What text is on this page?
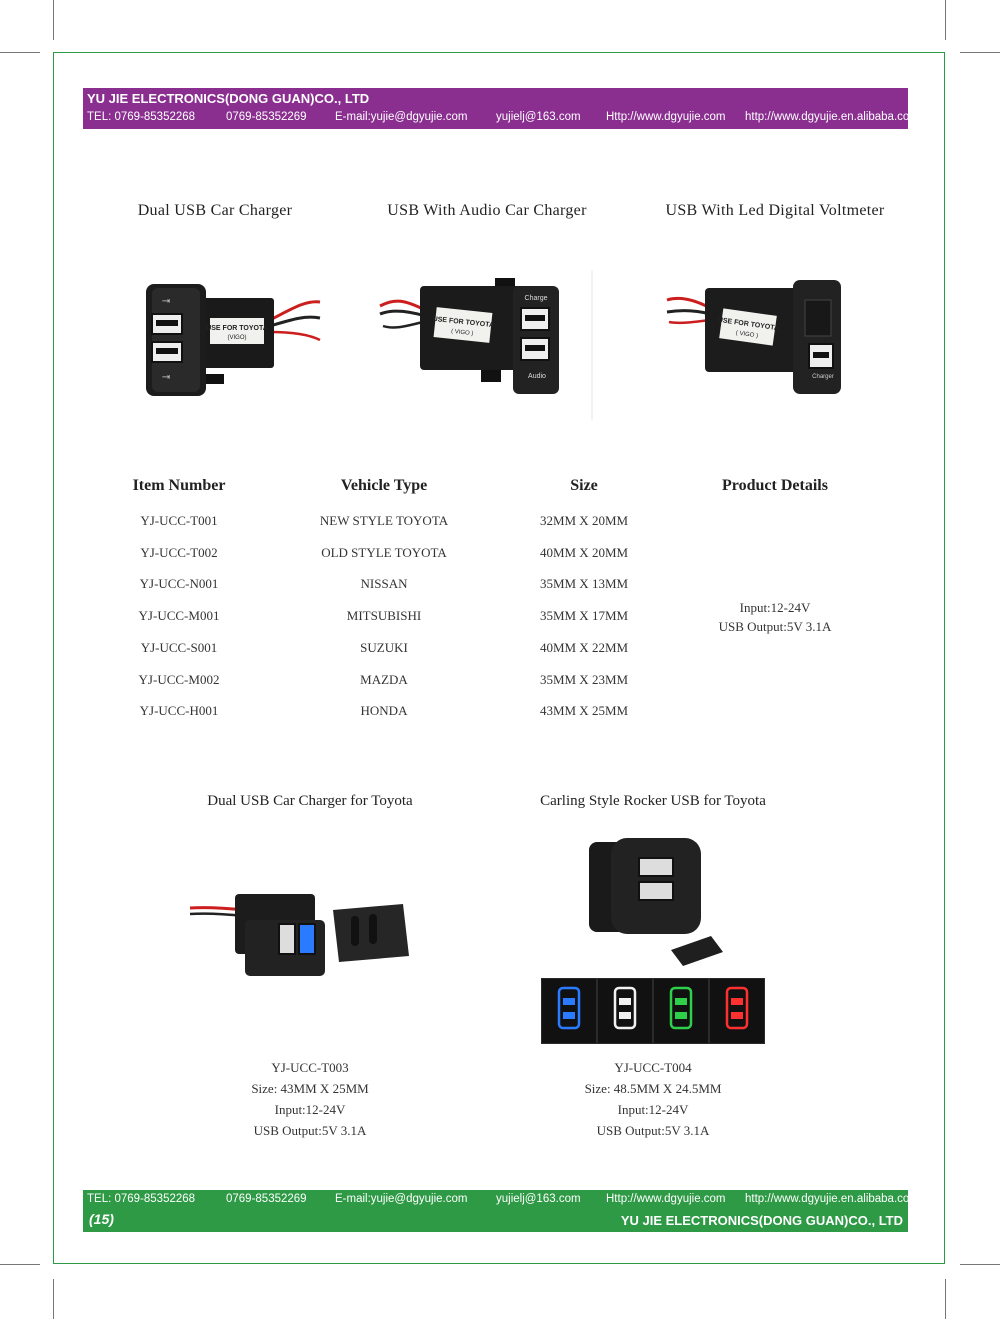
YU JIE ELECTRONICS(DONG GUAN)CO., LTD
TEL: 0769-85352268	0769-85352269 E-mail:yujie@dgyujie.com yujielj@163.com Http://www.dgyujie.com http://www.dgyujie.en.alibaba.com
Dual USB Car Charger	USB With Audio Car Charger	USB With Led Digital Voltmeter
USE FOR TOYOTA
(VIGO)
⇥
⇥
USE FOR TOYOTA
( VIGO )
Charge
Audio
USE FOR TOYOTA
( VIGO )
Charger
Item Number	Vehicle Type	Size	Product Details
YJ-UCC-T001	NEW STYLE TOYOTA	32MM X 20MM
YJ-UCC-T002	OLD STYLE TOYOTA	40MM X 20MM
YJ-UCC-N001	NISSAN	35MM X 13MM
YJ-UCC-M001	MITSUBISHI	35MM X 17MM
YJ-UCC-S001	SUZUKI	40MM X 22MM
YJ-UCC-M002	MAZDA	35MM X 23MM
YJ-UCC-H001	HONDA	43MM X 25MM
Input:12-24V
USB Output:5V 3.1A
Dual USB Car Charger for Toyota	Carling Style Rocker USB for Toyota
YJ-UCC-T003
Size: 43MM X 25MM
Input:12-24V
USB Output:5V 3.1A
YJ-UCC-T004
Size: 48.5MM X 24.5MM
Input:12-24V
USB Output:5V 3.1A
TEL: 0769-85352268	0769-85352269 E-mail:yujie@dgyujie.com yujielj@163.com Http://www.dgyujie.com http://www.dgyujie.en.alibaba.com
(15)	YU JIE ELECTRONICS(DONG GUAN)CO., LTD
